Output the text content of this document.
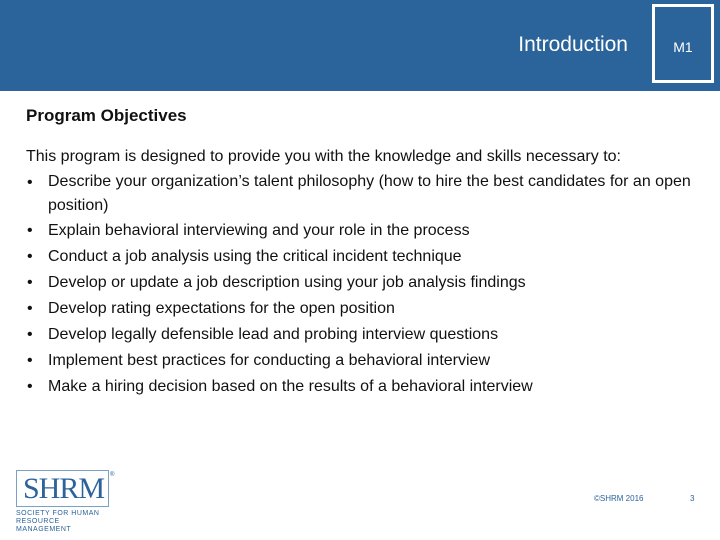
Introduction	M1
Program Objectives

This program is designed to provide you with the knowledge and skills necessary to:

• Describe your organization’s talent philosophy (how to hire the best candidates for an open position)
• Explain behavioral interviewing and your role in the process
• Conduct a job analysis using the critical incident technique
• Develop or update a job description using your job analysis findings
• Develop rating expectations for the open position
• Develop legally defensible lead and probing interview questions
• Implement best practices for conducting a behavioral interview
• Make a hiring decision based on the results of a behavioral interview
SHRM ®
SOCIETY FOR HUMAN RESOURCE MANAGEMENT
©SHRM 2016	3
